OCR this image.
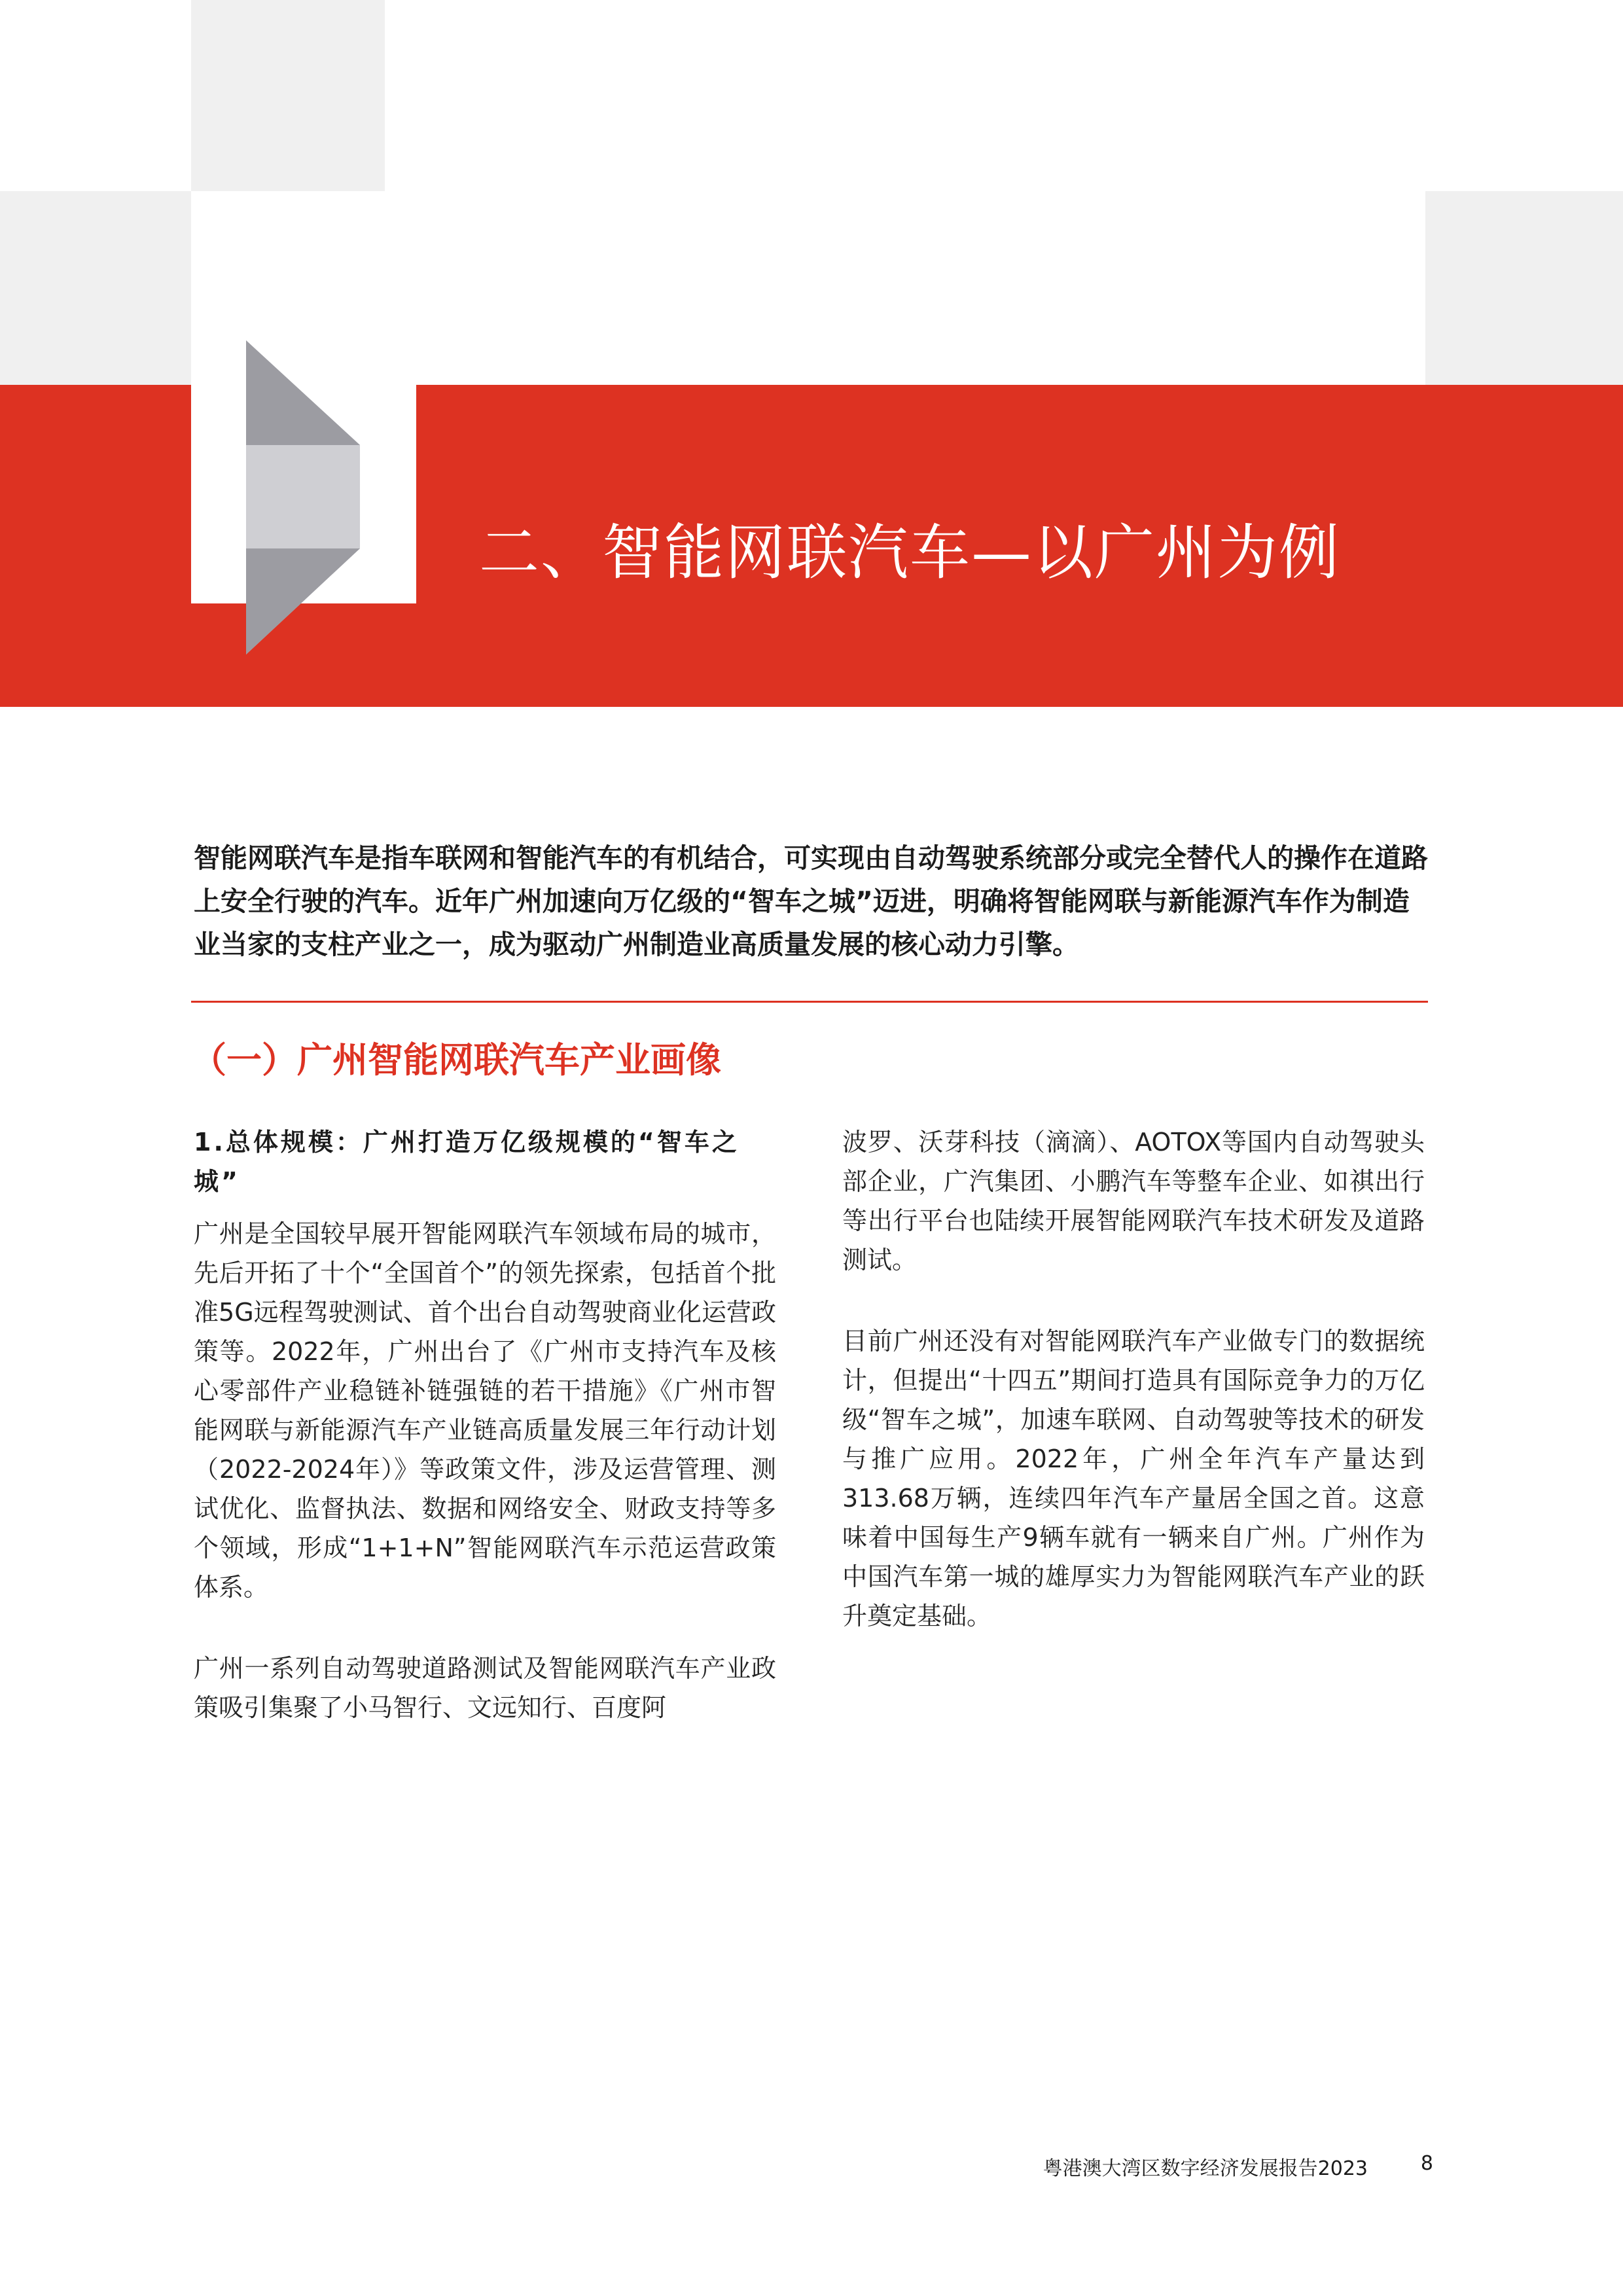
二、智能网联汽车—以广州为例

智能网联汽车是指车联网和智能汽车的有机结合，可实现由自动驾驶系统部分或完全替代人的操作在道路上安全行驶的汽车。近年广州加速向万亿级的“智车之城”迈进，明确将智能网联与新能源汽车作为制造业当家的支柱产业之一，成为驱动广州制造业高质量发展的核心动力引擎。

（一）广州智能网联汽车产业画像
1.总体规模：广州打造万亿级规模的“智车之城”

广州是全国较早展开智能网联汽车领域布局的城市，先后开拓了十个“全国首个”的领先探索，包括首个批准5G远程驾驶测试、首个出台自动驾驶商业化运营政策等。2022年，广州出台了《广州市支持汽车及核心零部件产业稳链补链强链的若干措施》《广州市智能网联与新能源汽车产业链高质量发展三年行动计划（2022-2024年）》等政策文件，涉及运营管理、测试优化、监督执法、数据和网络安全、财政支持等多个领域，形成“1+1+N”智能网联汽车示范运营政策体系。

广州一系列自动驾驶道路测试及智能网联汽车产业政策吸引集聚了小马智行、文远知行、百度阿

波罗、沃芽科技（滴滴）、AOTOX等国内自动驾驶头部企业，广汽集团、小鹏汽车等整车企业、如祺出行等出行平台也陆续开展智能网联汽车技术研发及道路测试。

目前广州还没有对智能网联汽车产业做专门的数据统计，但提出“十四五”期间打造具有国际竞争力的万亿级“智车之城”，加速车联网、自动驾驶等技术的研发与推广应用。2022年，广州全年汽车产量达到313.68万辆，连续四年汽车产量居全国之首。这意味着中国每生产9辆车就有一辆来自广州。广州作为中国汽车第一城的雄厚实力为智能网联汽车产业的跃升奠定基础。

粤港澳大湾区数字经济发展报告2023	8
